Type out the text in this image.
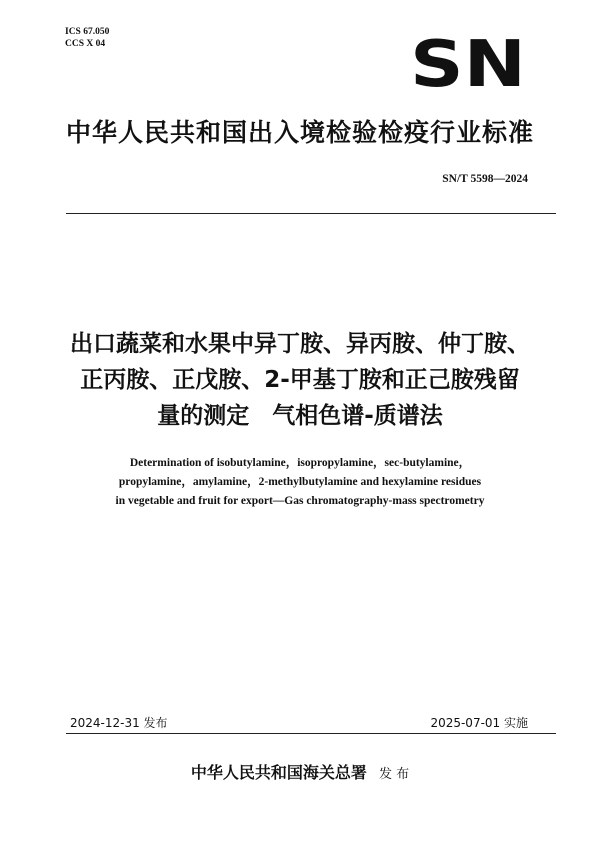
ICS 67.050
CCS X 04	SN
中华人民共和国出入境检验检疫行业标准
SN/T 5598—2024
出口蔬菜和水果中异丁胺、异丙胺、仲丁胺、
正丙胺、正戊胺、2-甲基丁胺和正己胺残留
量的测定　气相色谱-质谱法
Determination of isobutylamine，isopropylamine，sec-butylamine，
propylamine，amylamine，2-methylbutylamine and hexylamine residues
in vegetable and fruit for export—Gas chromatography-mass spectrometry
2024-12-31 发布	2025-07-01 实施
中华人民共和国海关总署 发 布
